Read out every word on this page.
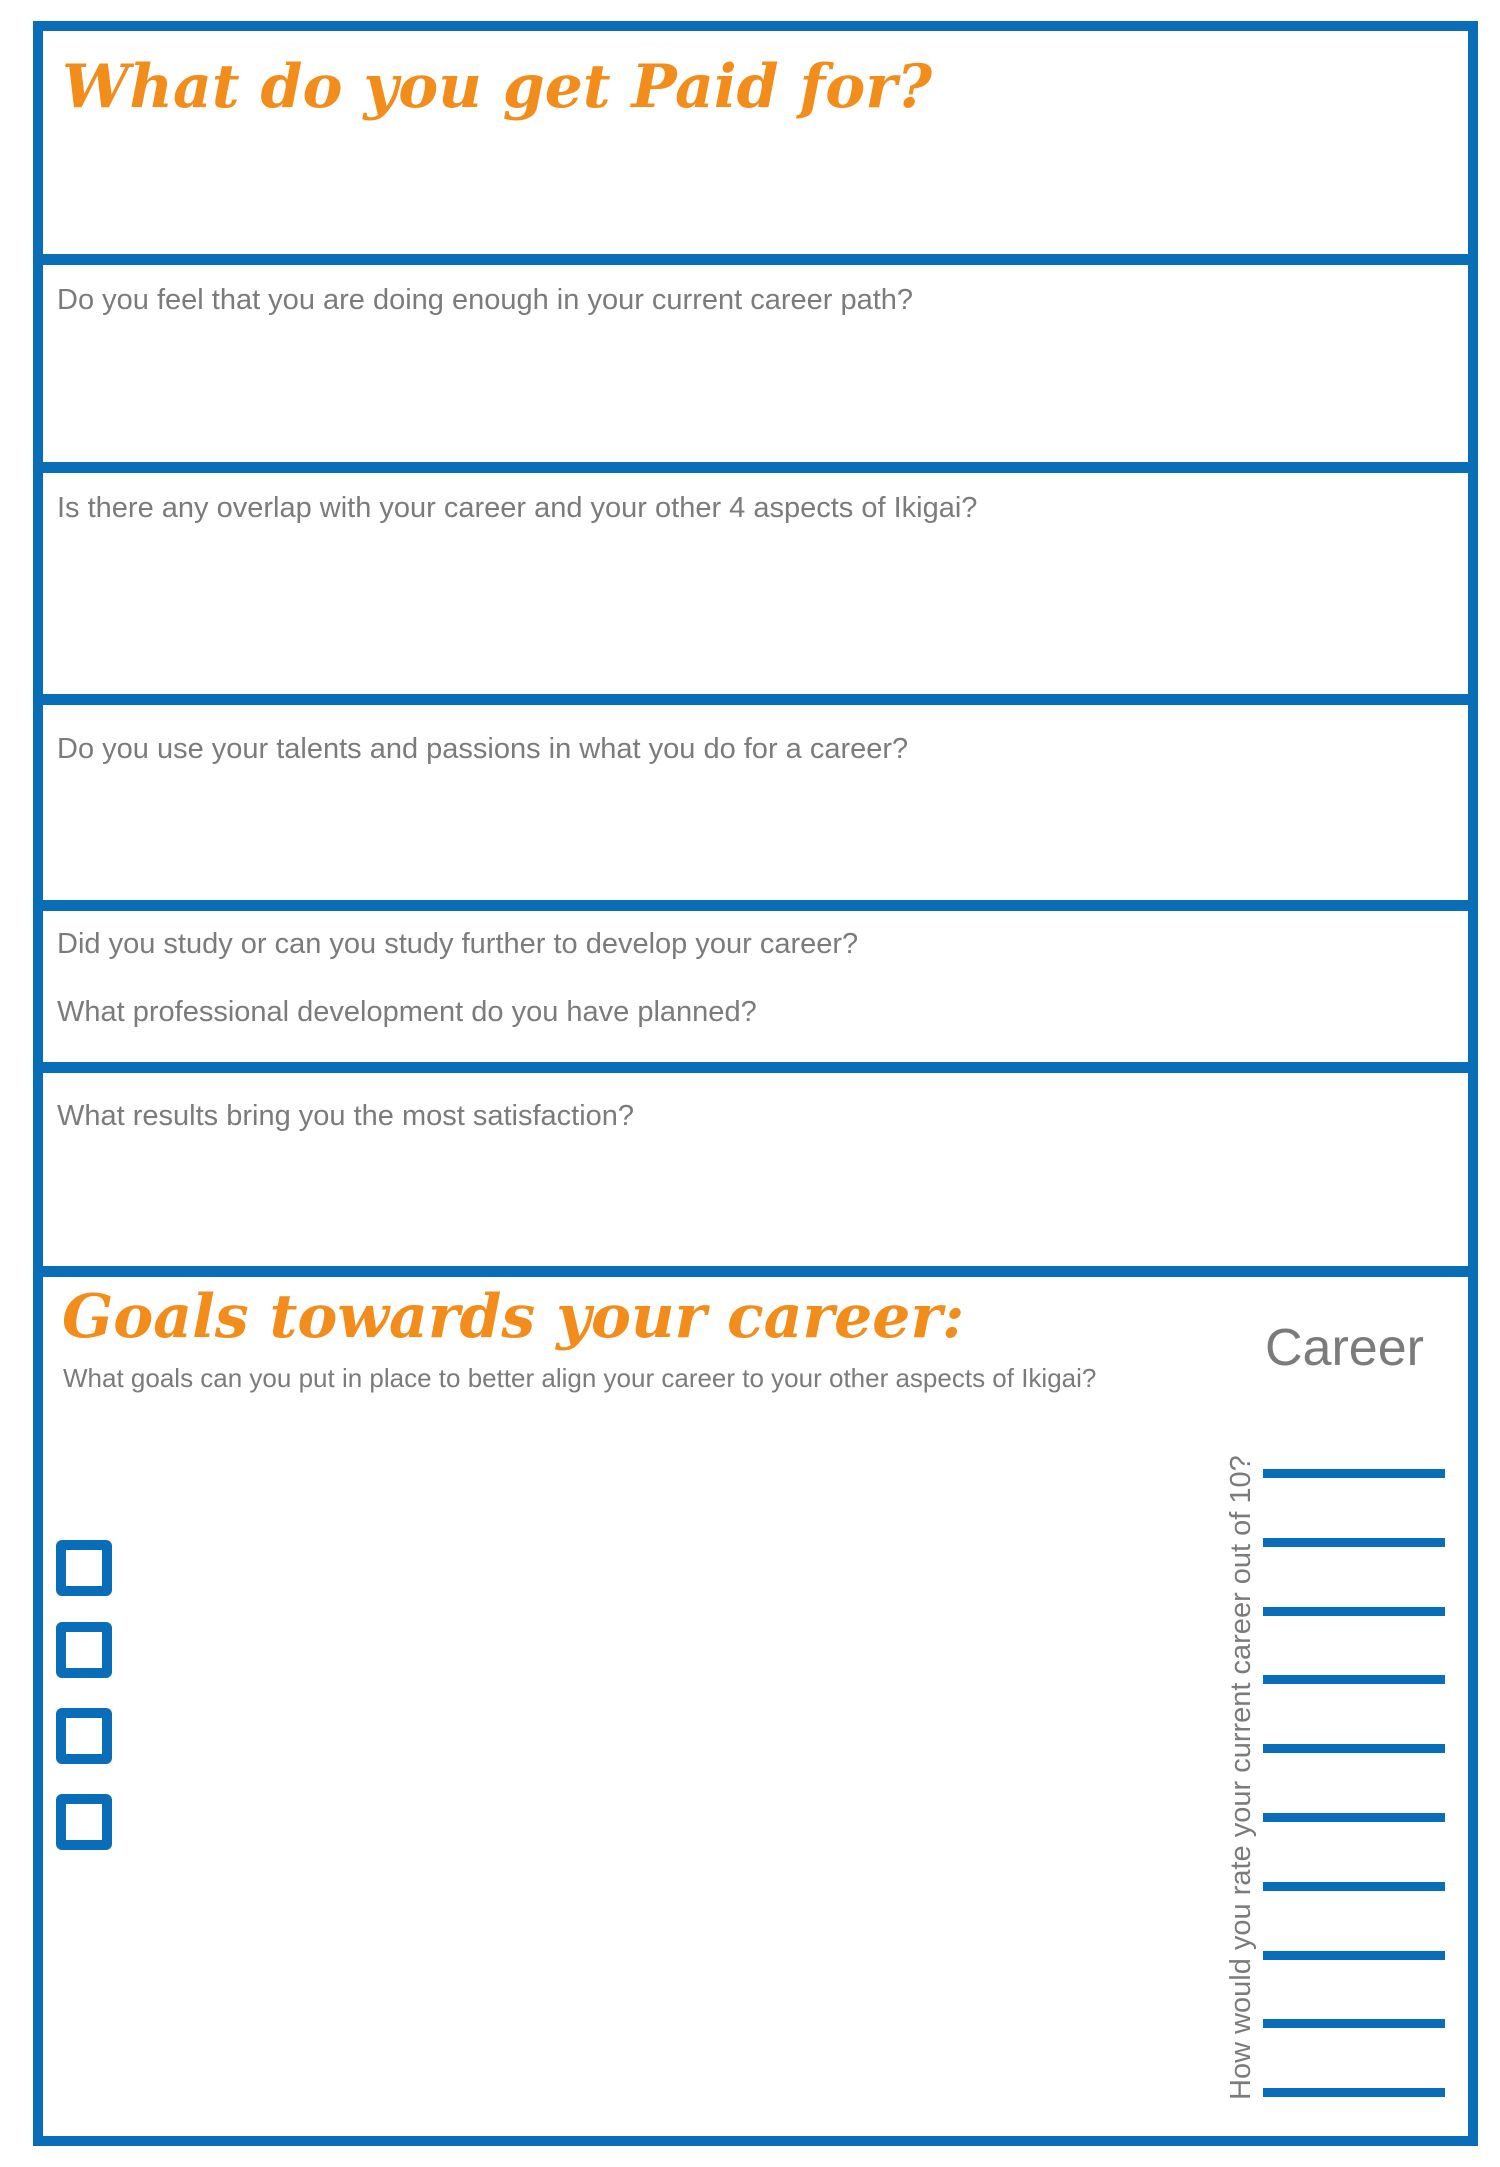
What do you get Paid for?

Do you feel that you are doing enough in your current career path?

Is there any overlap with your career and your other 4 aspects of Ikigai?

Do you use your talents and passions in what you do for a career?

Did you study or can you study further to develop your career?

What professional development do you have planned?

What results bring you the most satisfaction?

Goals towards your career:
What goals can you put in place to better align your career to your other aspects of Ikigai?
Career
How would you rate your current career out of 10?
